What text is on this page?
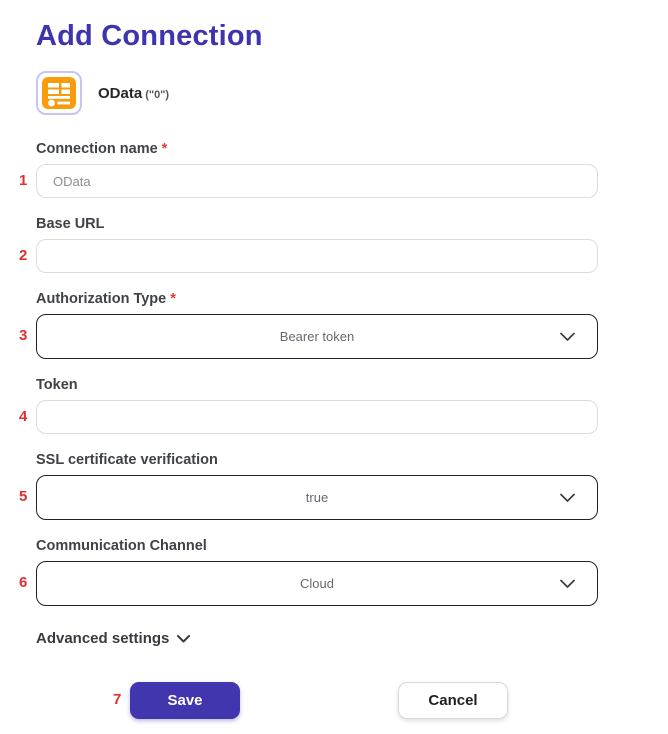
Add Connection
OData ("0")
Connection name *
1
OData
Base URL
2
Authorization Type *
3	Bearer token
Token
4
SSL certificate verification
5	true
Communication Channel
6	Cloud
Advanced settings
7	Save	Cancel
